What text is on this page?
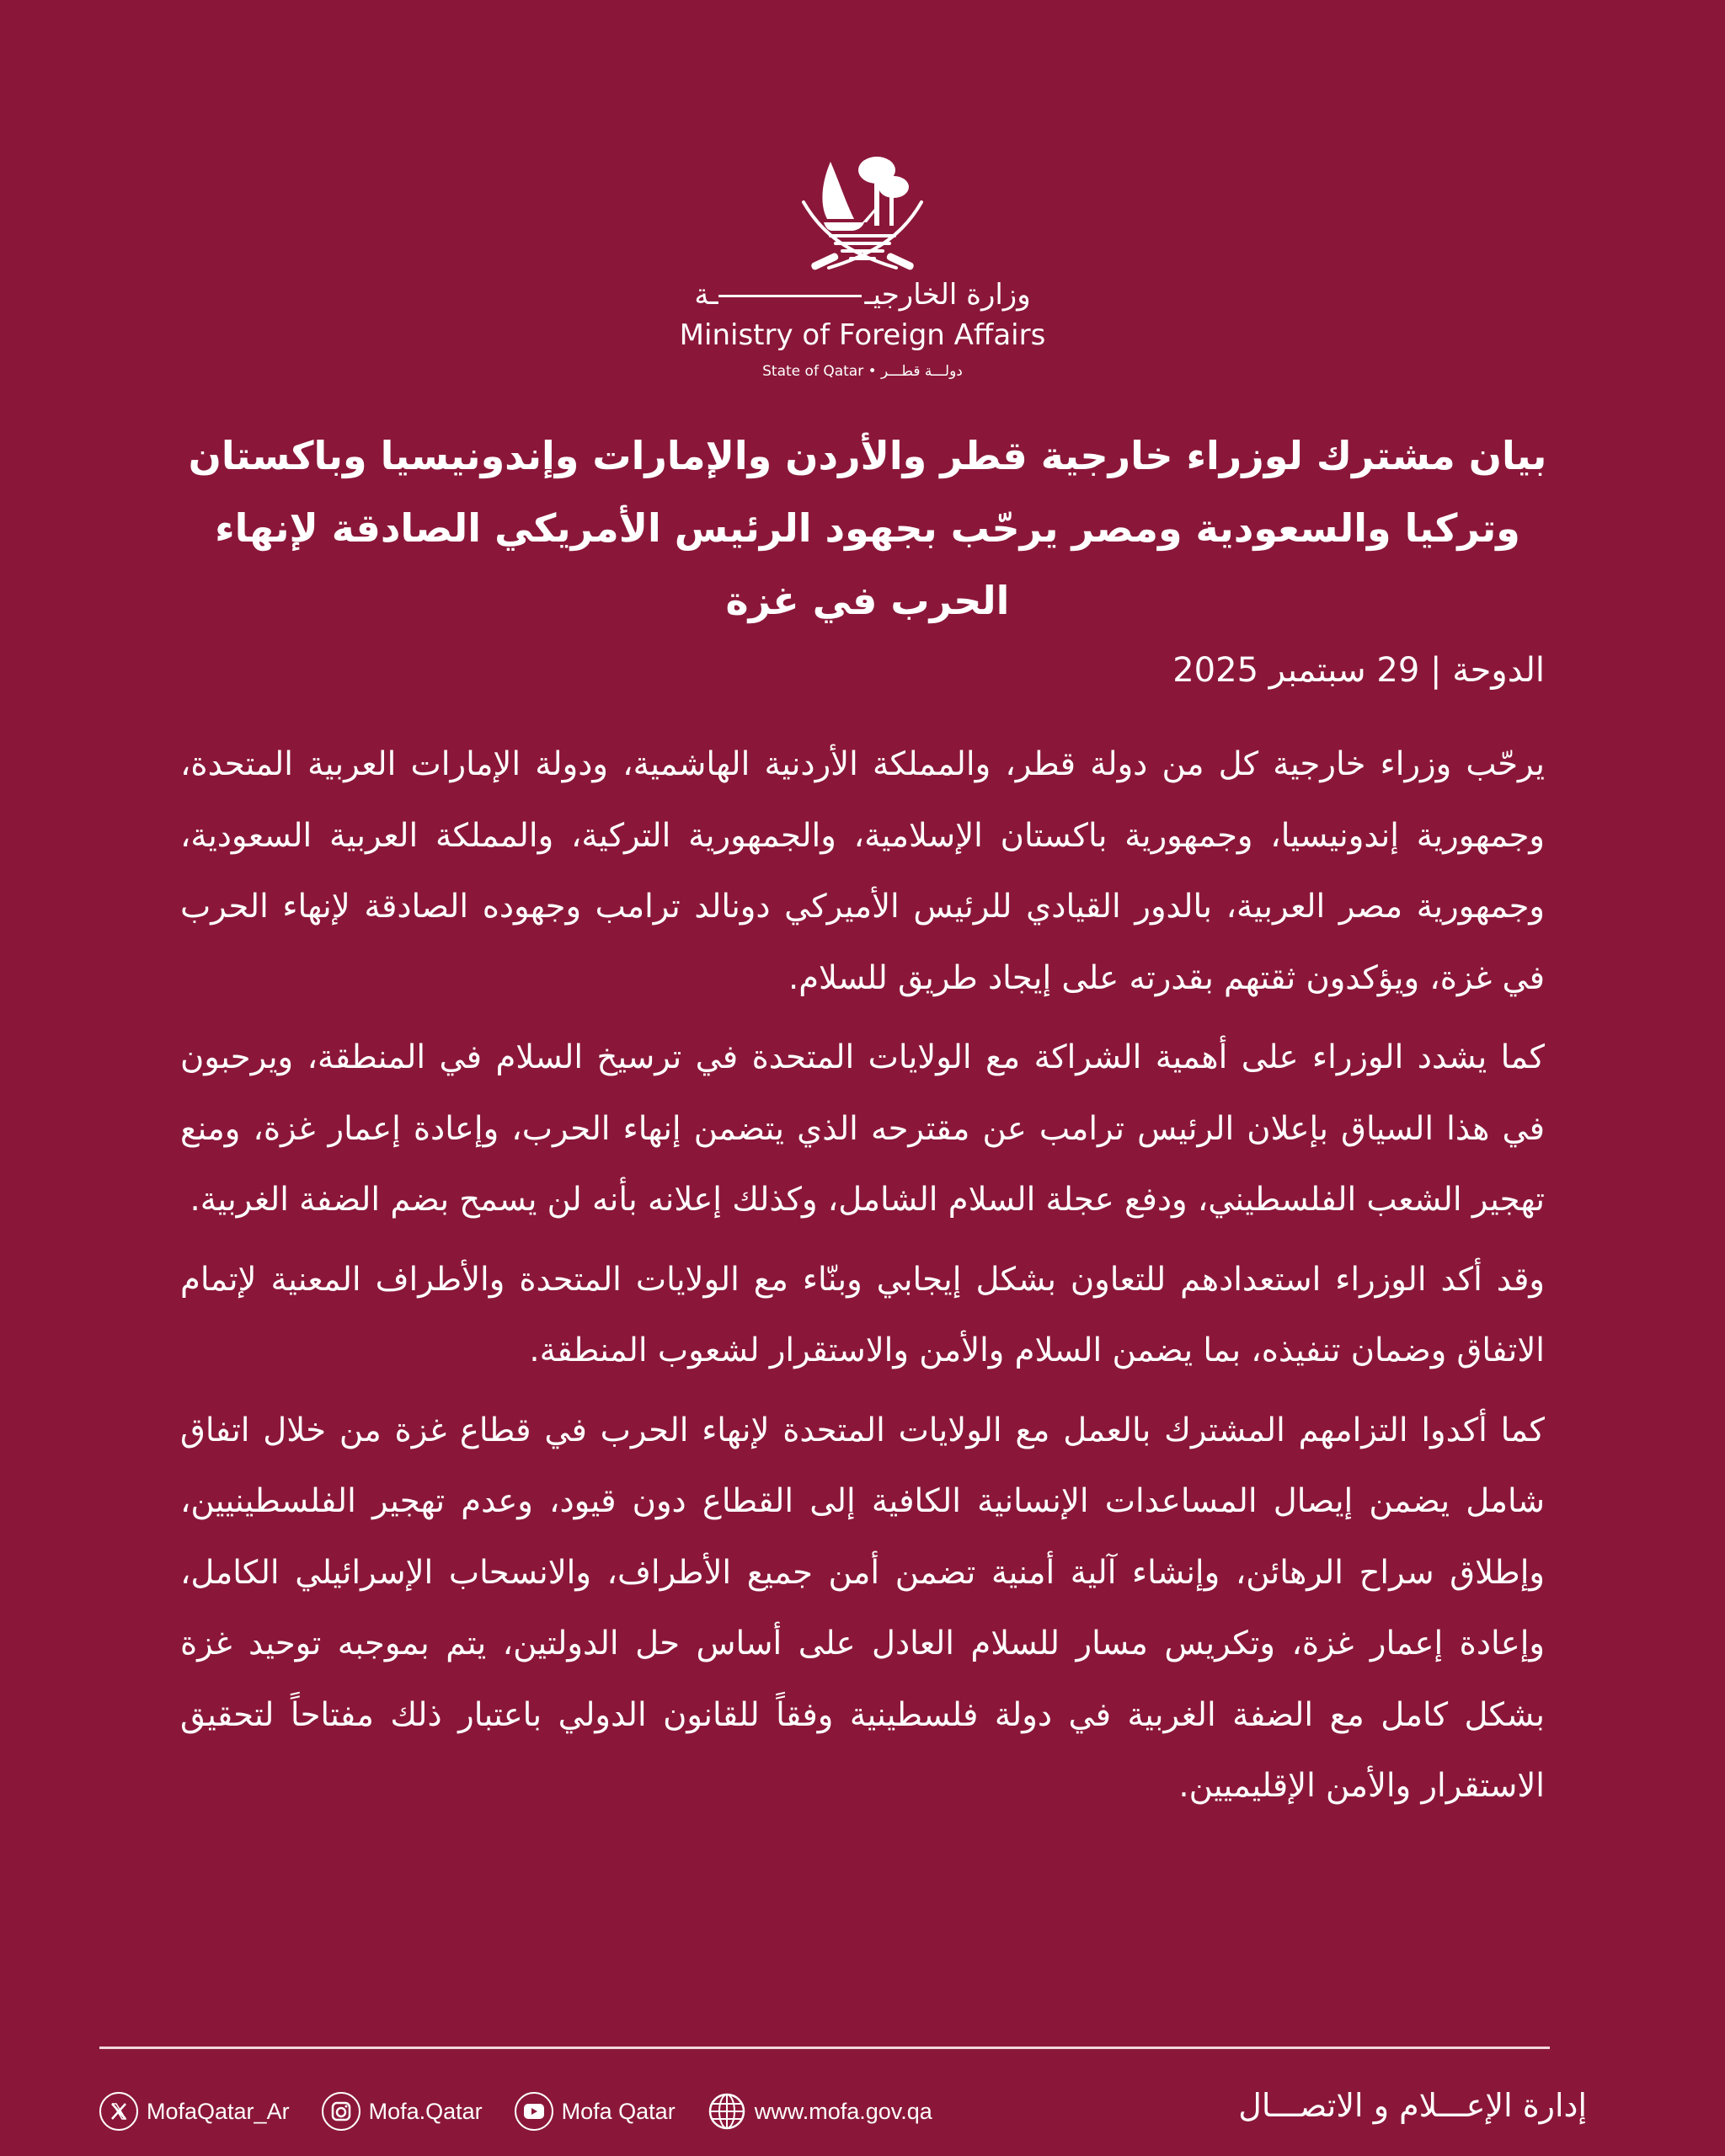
وزارة الخارجيــة
Ministry of Foreign Affairs
State of Qatar • دولـــة قطـــر
بيان مشترك لوزراء خارجية قطر والأردن والإمارات وإندونيسيا وباكستان وتركيا والسعودية ومصر يرحّب بجهود الرئيس الأمريكي الصادقة لإنهاء الحرب في غزة
الدوحة | 29 سبتمبر 2025

يرحّب وزراء خارجية كل من دولة قطر، والمملكة الأردنية الهاشمية، ودولة الإمارات العربية المتحدة، وجمهورية إندونيسيا، وجمهورية باكستان الإسلامية، والجمهورية التركية، والمملكة العربية السعودية، وجمهورية مصر العربية، بالدور القيادي للرئيس الأميركي دونالد ترامب وجهوده الصادقة لإنهاء الحرب في غزة، ويؤكدون ثقتهم بقدرته على إيجاد طريق للسلام.

كما يشدد الوزراء على أهمية الشراكة مع الولايات المتحدة في ترسيخ السلام في المنطقة، ويرحبون في هذا السياق بإعلان الرئيس ترامب عن مقترحه الذي يتضمن إنهاء الحرب، وإعادة إعمار غزة، ومنع تهجير الشعب الفلسطيني، ودفع عجلة السلام الشامل، وكذلك إعلانه بأنه لن يسمح بضم الضفة الغربية.

وقد أكد الوزراء استعدادهم للتعاون بشكل إيجابي وبنّاء مع الولايات المتحدة والأطراف المعنية لإتمام الاتفاق وضمان تنفيذه، بما يضمن السلام والأمن والاستقرار لشعوب المنطقة.

كما أكدوا التزامهم المشترك بالعمل مع الولايات المتحدة لإنهاء الحرب في قطاع غزة من خلال اتفاق شامل يضمن إيصال المساعدات الإنسانية الكافية إلى القطاع دون قيود، وعدم تهجير الفلسطينيين، وإطلاق سراح الرهائن، وإنشاء آلية أمنية تضمن أمن جميع الأطراف، والانسحاب الإسرائيلي الكامل، وإعادة إعمار غزة، وتكريس مسار للسلام العادل على أساس حل الدولتين، يتم بموجبه توحيد غزة بشكل كامل مع الضفة الغربية في دولة فلسطينية وفقاً للقانون الدولي باعتبار ذلك مفتاحاً لتحقيق الاستقرار والأمن الإقليميين.

MofaQatar_Ar	Mofa.Qatar	Mofa Qatar	www.mofa.gov.qa	إدارة الإعـــلام و الاتصـــال
